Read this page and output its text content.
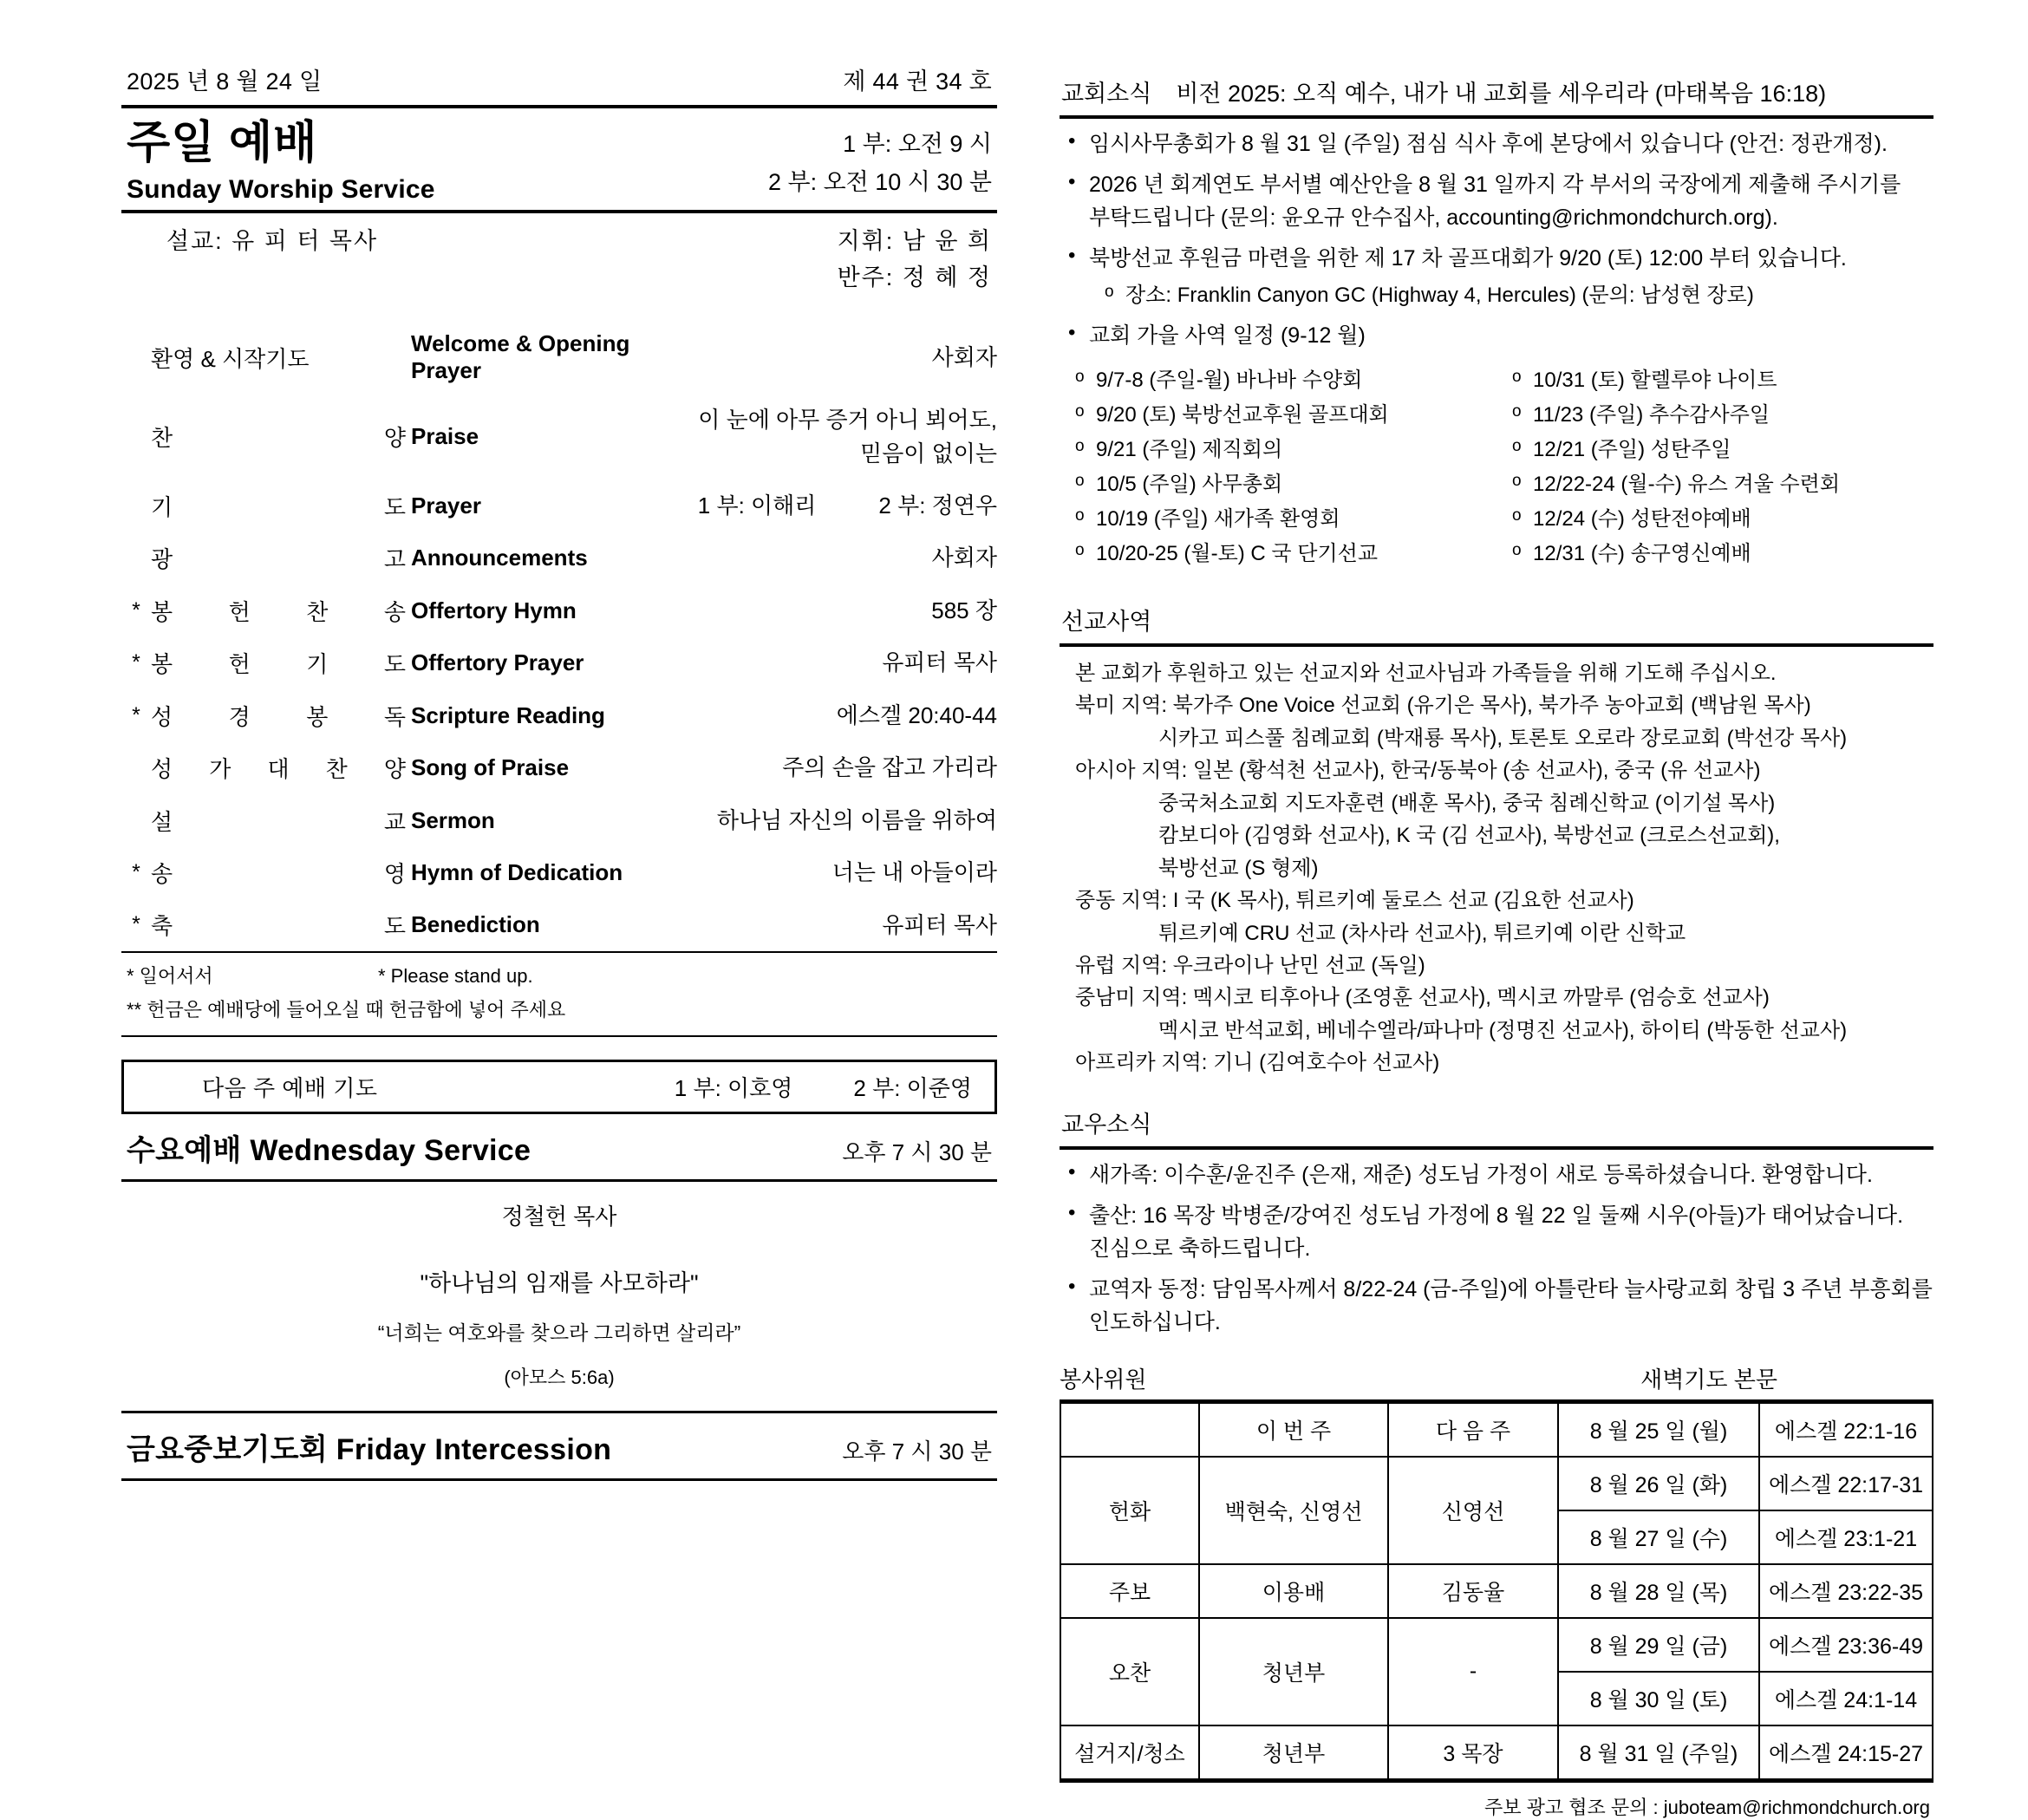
2025 년 8 월 24 일	제 44 권 34 호
주일 예배
Sunday Worship Service
1 부: 오전 9 시
2 부: 오전 10 시 30 분
설교: 유 피 터 목사	지휘: 남 윤 희
반주: 정 혜 정
	환영 & 시작기도	Welcome & Opening Prayer	사회자

	찬 양	Praise	이 눈에 아무 증거 아니 뵈어도,
믿음이 없이는

	기 도	Prayer	1 부: 이해리 2 부: 정연우

	광 고	Announcements	사회자
*	봉 헌 찬 송	Offertory Hymn	585 장
*	봉 헌 기 도	Offertory Prayer	유피터 목사
*	성 경 봉 독	Scripture Reading	에스겔 20:40-44

	성 가 대 찬 양	Song of Praise	주의 손을 잡고 가리라

	설 교	Sermon	하나님 자신의 이름을 위하여
*	송 영	Hymn of Dedication	너는 내 아들이라
*	축 도	Benediction	유피터 목사
* 일어서서	* Please stand up.
** 헌금은 예배당에 들어오실 때 헌금함에 넣어 주세요
다음 주 예배 기도	1 부: 이호영	2 부: 이준영
수요예배 Wednesday Service	오후 7 시 30 분
정철헌 목사
"하나님의 임재를 사모하라"
“너희는 여호와를 찾으라 그리하면 살리라”
(아모스 5:6a)
금요중보기도회 Friday Intercession	오후 7 시 30 분
교회소식 비전 2025: 오직 예수, 내가 내 교회를 세우리라 (마태복음 16:18)
• 임시사무총회가 8 월 31 일 (주일) 점심 식사 후에 본당에서 있습니다 (안건: 정관개정).
• 2026 년 회계연도 부서별 예산안을 8 월 31 일까지 각 부서의 국장에게 제출해 주시기를
부탁드립니다 (문의: 윤오규 안수집사, accounting@richmondchurch.org).
• 북방선교 후원금 마련을 위한 제 17 차 골프대회가 9/20 (토) 12:00 부터 있습니다.
o 장소: Franklin Canyon GC (Highway 4, Hercules) (문의: 남성현 장로)
• 교회 가을 사역 일정 (9-12 월)
o 9/7-8 (주일-월) 바나바 수양회
o 9/20 (토) 북방선교후원 골프대회
o 9/21 (주일) 제직회의
o 10/5 (주일) 사무총회
o 10/19 (주일) 새가족 환영회
o 10/20-25 (월-토) C 국 단기선교
o 10/31 (토) 할렐루야 나이트
o 11/23 (주일) 추수감사주일
o 12/21 (주일) 성탄주일
o 12/22-24 (월-수) 유스 겨울 수련회
o 12/24 (수) 성탄전야예배
o 12/31 (수) 송구영신예배
선교사역
본 교회가 후원하고 있는 선교지와 선교사님과 가족들을 위해 기도해 주십시오.
북미 지역: 북가주 One Voice 선교회 (유기은 목사), 북가주 농아교회 (백남원 목사)
시카고 피스풀 침례교회 (박재룡 목사), 토론토 오로라 장로교회 (박선강 목사)
아시아 지역: 일본 (황석천 선교사), 한국/동북아 (송 선교사), 중국 (유 선교사)
중국처소교회 지도자훈련 (배훈 목사), 중국 침례신학교 (이기설 목사)
캄보디아 (김영화 선교사), K 국 (김 선교사), 북방선교 (크로스선교회),
북방선교 (S 형제)
중동 지역: I 국 (K 목사), 튀르키예 둘로스 선교 (김요한 선교사)
튀르키예 CRU 선교 (차사라 선교사), 튀르키예 이란 신학교
유럽 지역: 우크라이나 난민 선교 (독일)
중남미 지역: 멕시코 티후아나 (조영훈 선교사), 멕시코 까말루 (엄승호 선교사)
멕시코 반석교회, 베네수엘라/파나마 (정명진 선교사), 하이티 (박동한 선교사)
아프리카 지역: 기니 (김여호수아 선교사)
교우소식
• 새가족: 이수훈/윤진주 (은재, 재준) 성도님 가정이 새로 등록하셨습니다. 환영합니다.
• 출산: 16 목장 박병준/강여진 성도님 가정에 8 월 22 일 둘째 시우(아들)가 태어났습니다.
진심으로 축하드립니다.
• 교역자 동정: 담임목사께서 8/22-24 (금-주일)에 아틀란타 늘사랑교회 창립 3 주년 부흥회를
인도하십니다.
봉사위원	새벽기도 본문
	이 번 주	다 음 주	8 월 25 일 (월)	에스겔 22:1-16
헌화	백현숙, 신영선	신영선	8 월 26 일 (화)	에스겔 22:17-31
			8 월 27 일 (수)	에스겔 23:1-21
주보	이용배	김동율	8 월 28 일 (목)	에스겔 23:22-35
오찬	청년부	-	8 월 29 일 (금)	에스겔 23:36-49
			8 월 30 일 (토)	에스겔 24:1-14
설거지/청소	청년부	3 목장	8 월 31 일 (주일)	에스겔 24:15-27
주보 광고 협조 문의 : juboteam@richmondchurch.org
